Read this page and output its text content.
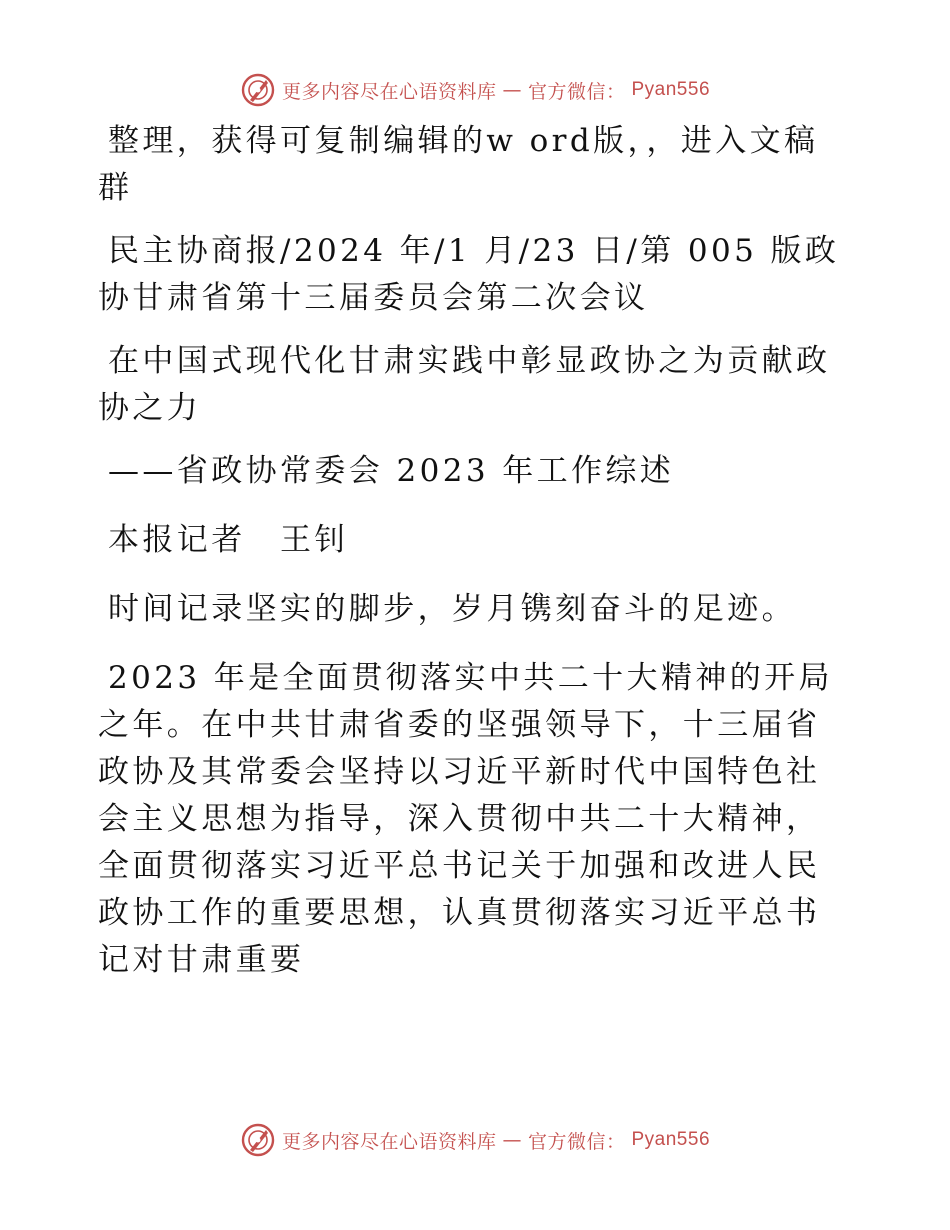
更多内容尽在心语资料库 — 官方微信： Pyan556

整理，获得可复制编辑的w ord版，，进入文稿群

民主协商报/2024 年/1 月/23 日/第 005 版政协甘肃省第十三届委员会第二次会议

在中国式现代化甘肃实践中彰显政协之为贡献政协之力

——省政协常委会 2023 年工作综述

本报记者　王钊

时间记录坚实的脚步，岁月镌刻奋斗的足迹。

2023 年是全面贯彻落实中共二十大精神的开局之年。在中共甘肃省委的坚强领导下，十三届省政协及其常委会坚持以习近平新时代中国特色社会主义思想为指导，深入贯彻中共二十大精神，全面贯彻落实习近平总书记关于加强和改进人民政协工作的重要思想，认真贯彻落实习近平总书记对甘肃重要

更多内容尽在心语资料库 — 官方微信： Pyan556
